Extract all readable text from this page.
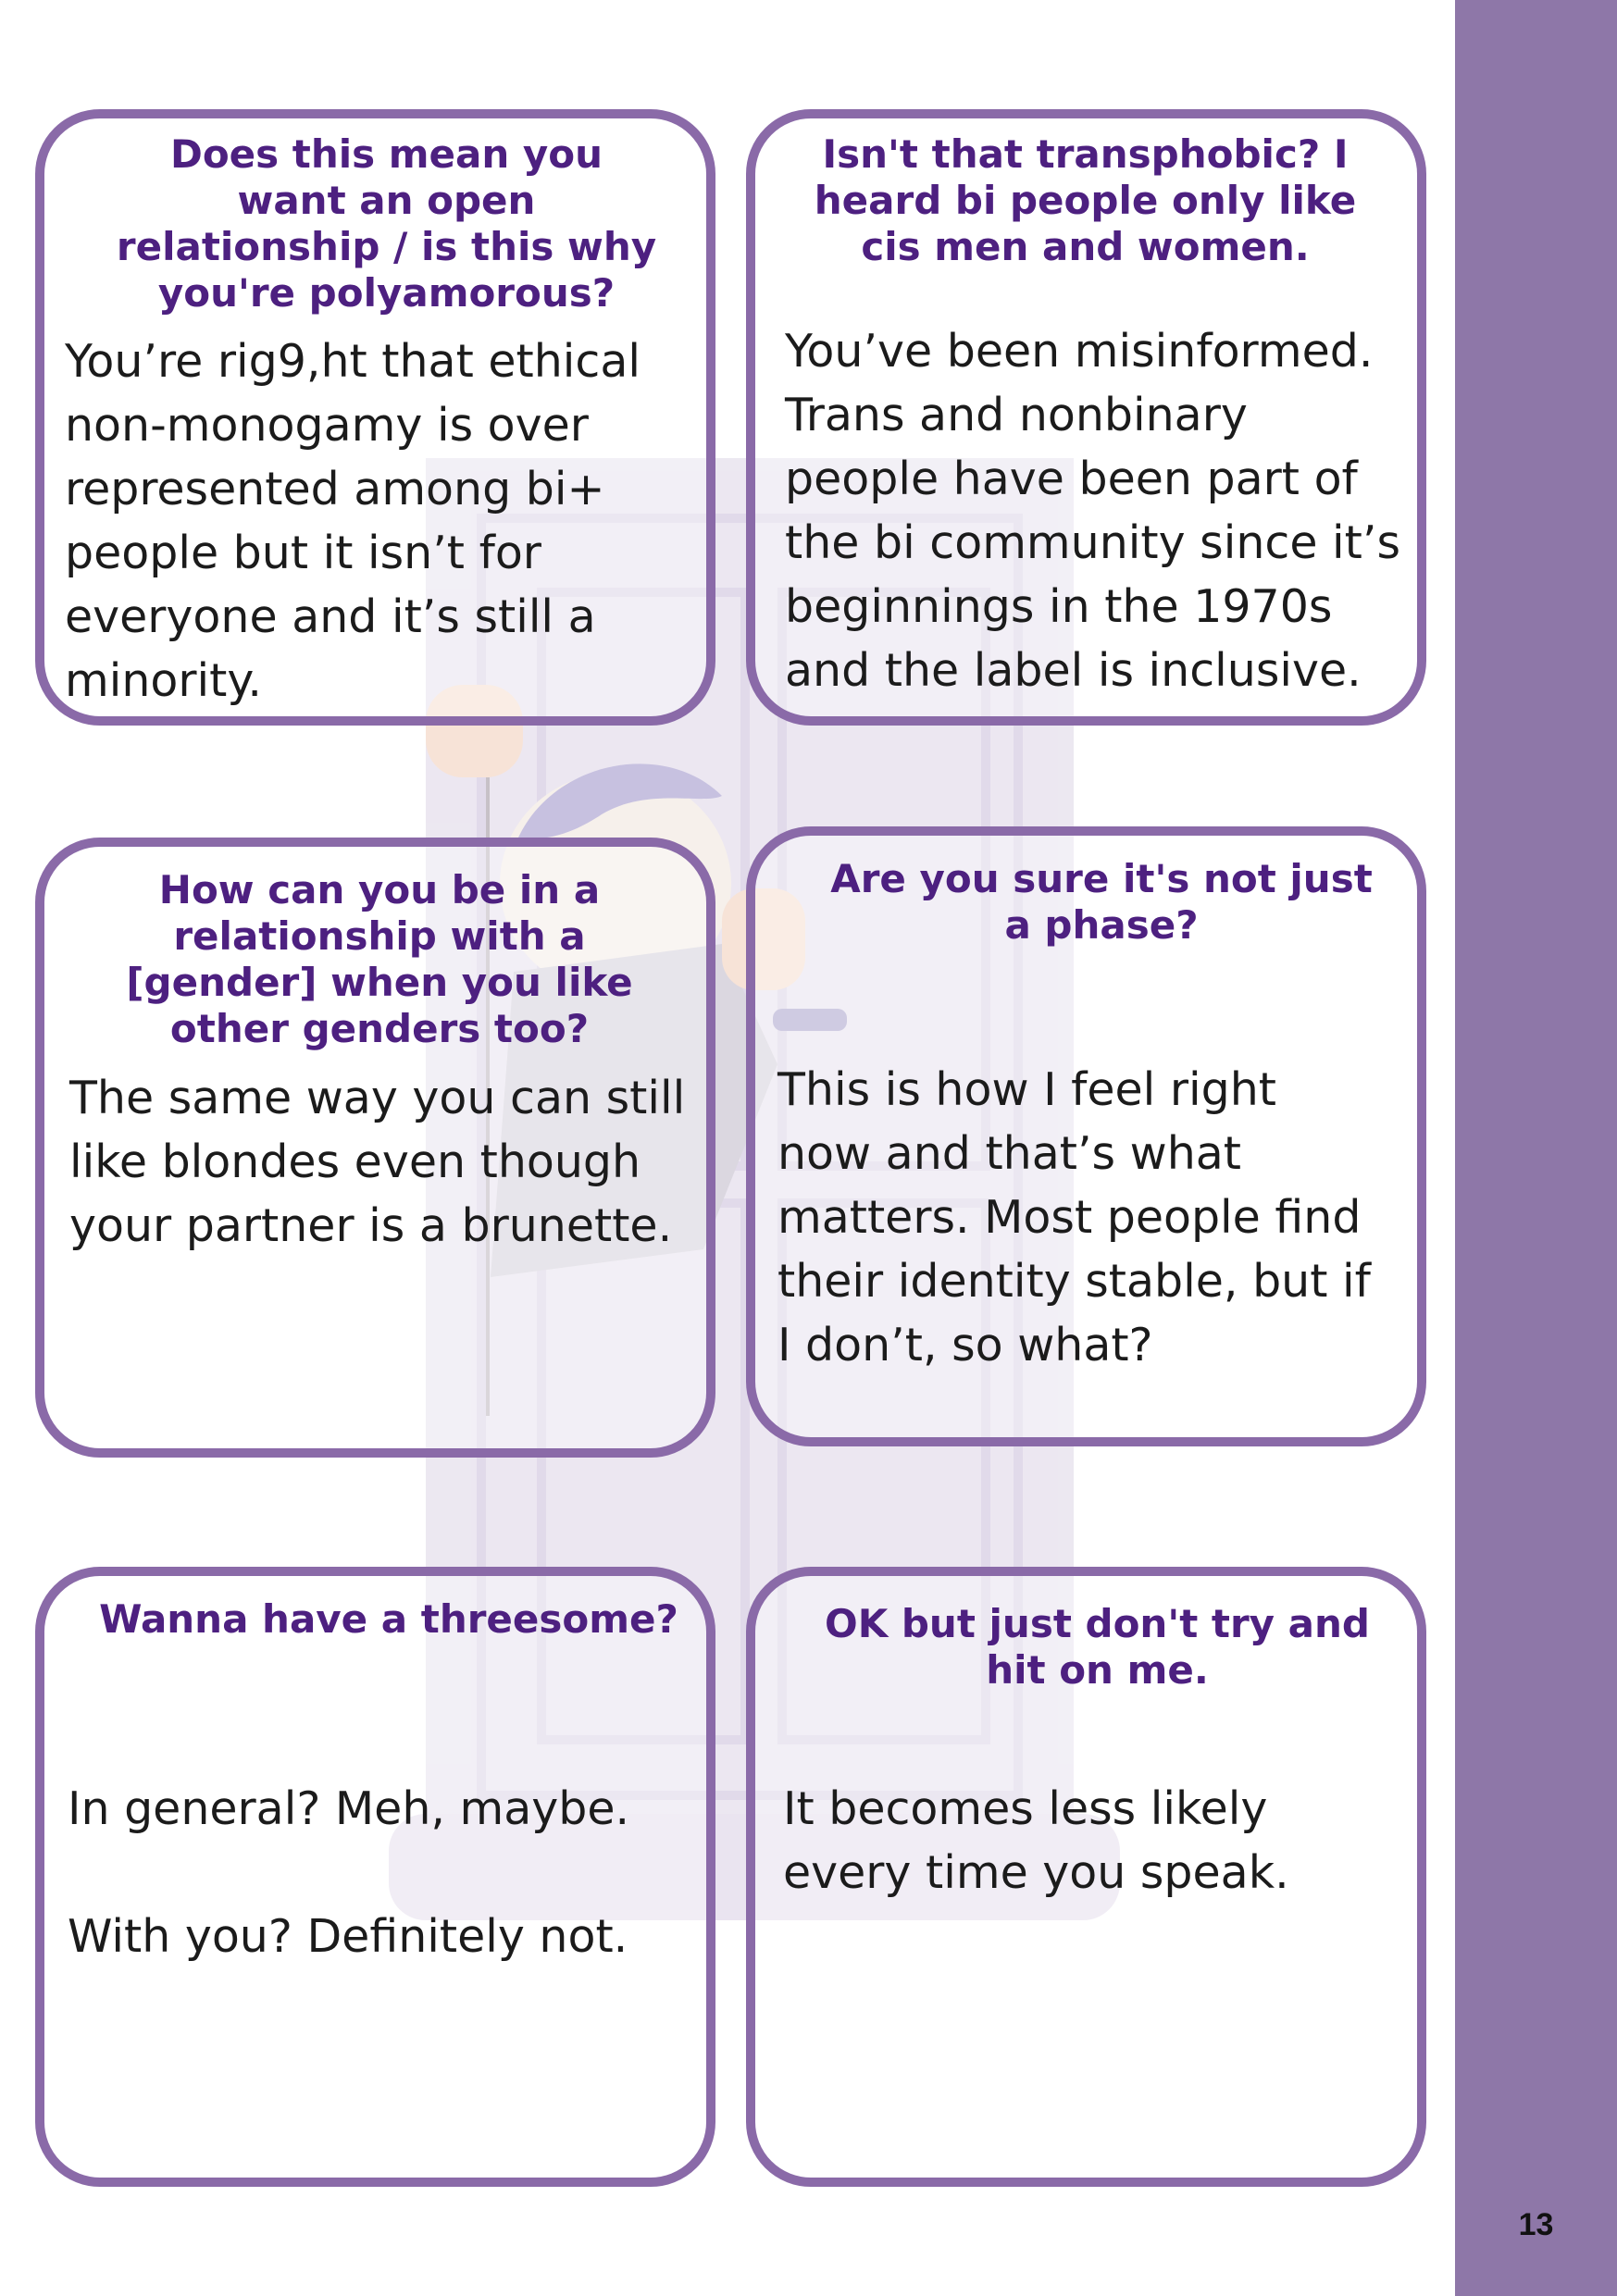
13
Does this mean you want an open relationship / is this why you're polyamorous?
You’re rig9,ht that ethical non-monogamy is over represented among bi+ people but it isn’t for everyone and it’s still a minority.
Isn't that transphobic? I heard bi people only like cis men and women.
You’ve been misinformed. Trans and nonbinary people have been part of the bi community since it’s beginnings in the 1970s and the label is inclusive.
How can you be in a relationship with a [gender] when you like other genders too?
The same way you can still like blondes even though your partner is a brunette.
Are you sure it's not just a phase?
This is how I feel right now and that’s what matters. Most people find their identity stable, but if I don’t, so what?
Wanna have a threesome?
In general? Meh, maybe.

With you? Definitely not.
OK but just don't try and hit on me.
It becomes less likely every time you speak.
